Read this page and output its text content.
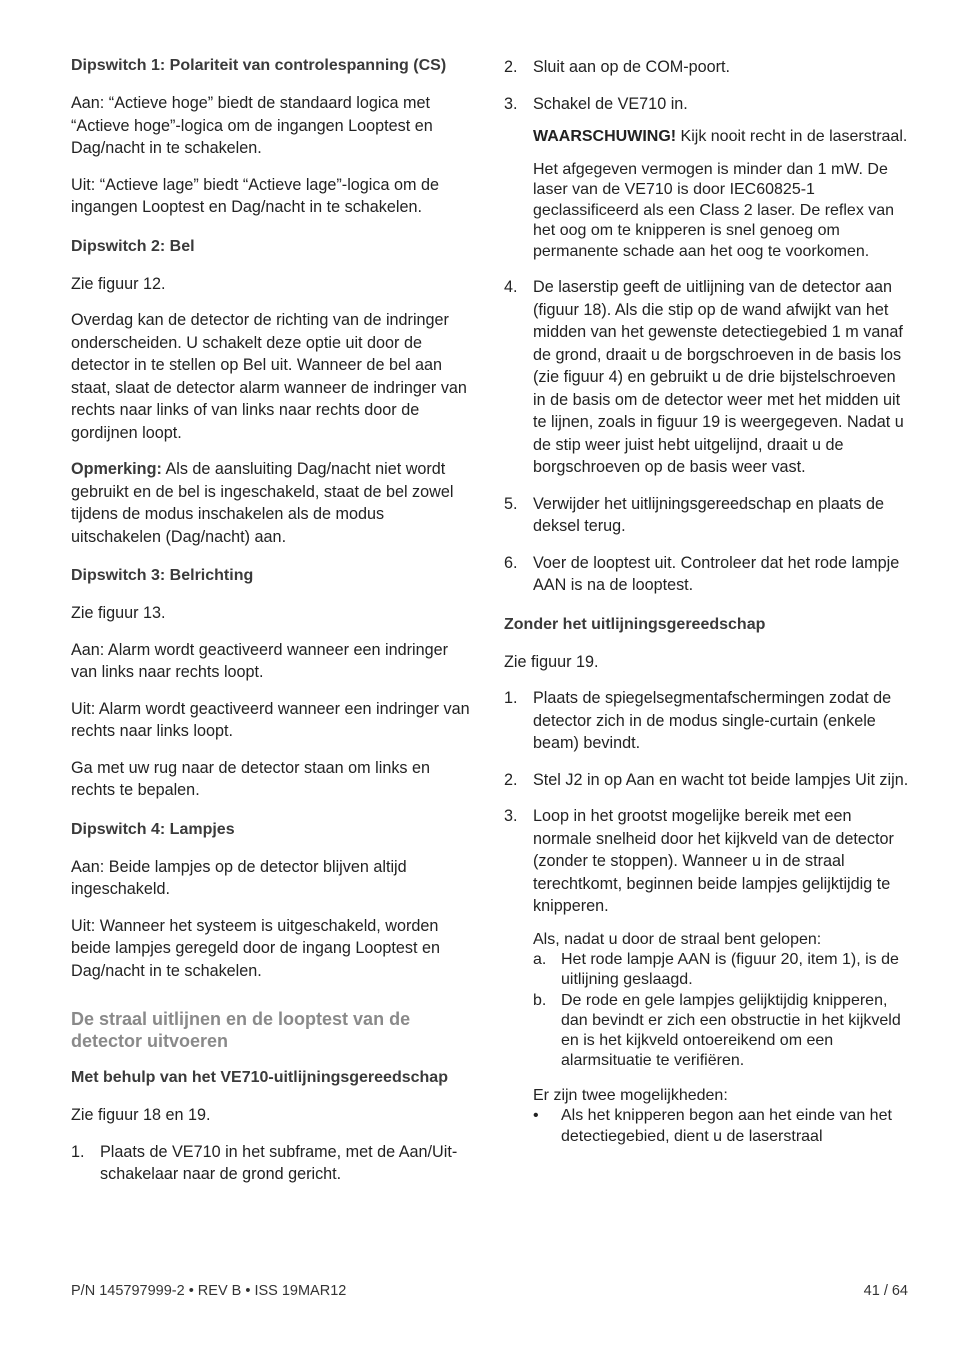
Dipswitch 1: Polariteit van controlespanning (CS)

Aan: “Actieve hoge” biedt de standaard logica met “Actieve hoge”-logica om de ingangen Looptest en Dag/nacht in te schakelen.

Uit: “Actieve lage” biedt “Actieve lage”-logica om de ingangen Looptest en Dag/nacht in te schakelen.

Dipswitch 2: Bel

Zie figuur 12.

Overdag kan de detector de richting van de indringer onderscheiden. U schakelt deze optie uit door de detector in te stellen op Bel uit. Wanneer de bel aan staat, slaat de detector alarm wanneer de indringer van rechts naar links of van links naar rechts door de gordijnen loopt.

Opmerking: Als de aansluiting Dag/nacht niet wordt gebruikt en de bel is ingeschakeld, staat de bel zowel tijdens de modus inschakelen als de modus uitschakelen (Dag/nacht) aan.

Dipswitch 3: Belrichting

Zie figuur 13.

Aan: Alarm wordt geactiveerd wanneer een indringer van links naar rechts loopt.

Uit: Alarm wordt geactiveerd wanneer een indringer van rechts naar links loopt.

Ga met uw rug naar de detector staan om links en rechts te bepalen.

Dipswitch 4: Lampjes

Aan: Beide lampjes op de detector blijven altijd ingeschakeld.

Uit: Wanneer het systeem is uitgeschakeld, worden beide lampjes geregeld door de ingang Looptest en Dag/nacht in te schakelen.

De straal uitlijnen en de looptest van de detector uitvoeren
Met behulp van het VE710-uitlijningsgereedschap

Zie figuur 18 en 19.

1. Plaats de VE710 in het subframe, met de Aan/Uit-schakelaar naar de grond gericht.
2. Sluit aan op de COM-poort.
3. Schakel de VE710 in.

WAARSCHUWING! Kijk nooit recht in de laserstraal.

Het afgegeven vermogen is minder dan 1 mW. De laser van de VE710 is door IEC60825-1 geclassificeerd als een Class 2 laser. De reflex van het oog om te knipperen is snel genoeg om permanente schade aan het oog te voorkomen.

4. De laserstip geeft de uitlijning van de detector aan (figuur 18). Als die stip op de wand afwijkt van het midden van het gewenste detectiegebied 1 m vanaf de grond, draait u de borgschroeven in de basis los (zie figuur 4) en gebruikt u de drie bijstelschroeven in de basis om de detector weer met het midden uit te lijnen, zoals in figuur 19 is weergegeven. Nadat u de stip weer juist hebt uitgelijnd, draait u de borgschroeven op de basis weer vast.
5. Verwijder het uitlijningsgereedschap en plaats de deksel terug.
6. Voer de looptest uit. Controleer dat het rode lampje AAN is na de looptest.
Zonder het uitlijningsgereedschap

Zie figuur 19.

1. Plaats de spiegelsegmentafschermingen zodat de detector zich in de modus single-curtain (enkele beam) bevindt.
2. Stel J2 in op Aan en wacht tot beide lampjes Uit zijn.
3. Loop in het grootst mogelijke bereik met een normale snelheid door het kijkveld van de detector (zonder te stoppen). Wanneer u in de straal terechtkomt, beginnen beide lampjes gelijktijdig te knipperen.
Als, nadat u door de straal bent gelopen:
a. Het rode lampje AAN is (figuur 20, item 1), is de uitlijning geslaagd.
b. De rode en gele lampjes gelijktijdig knipperen, dan bevindt er zich een obstructie in het kijkveld en is het kijkveld ontoereikend om een alarmsituatie te verifiëren.
Er zijn twee mogelijkheden:
• Als het knipperen begon aan het einde van het detectiegebied, dient u de laserstraal
P/N 145797999-2 • REV B • ISS 19MAR12	41 / 64
